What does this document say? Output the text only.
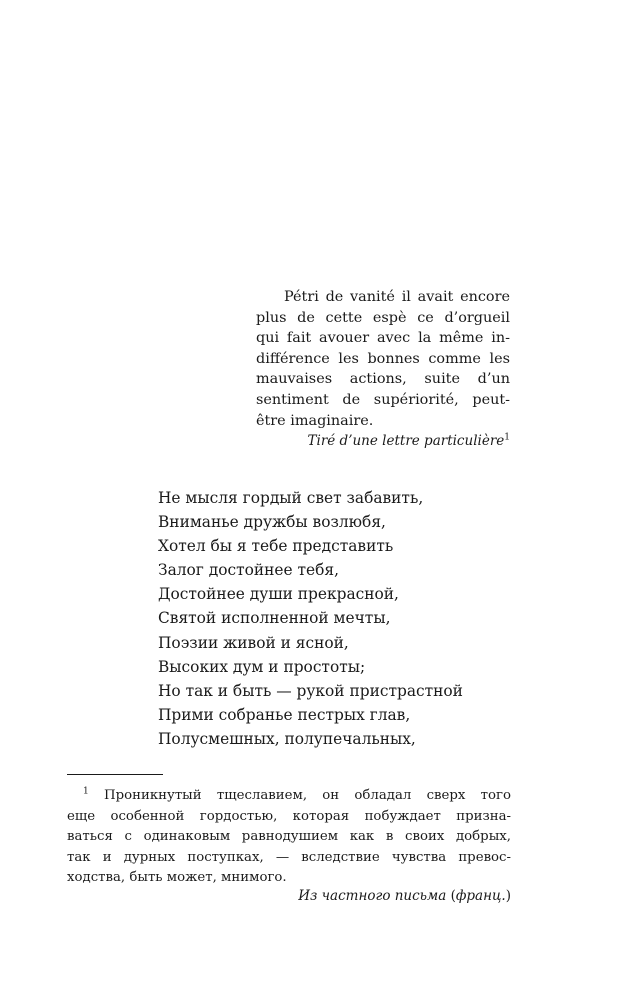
Pétri de vanité il avait encore
plus de cette espè ce d’orgueil
qui fait avouer avec la même in-
différence les bonnes comme les
mauvaises actions, suite d’un
sentiment de supériorité, peut-
être imaginaire.
Tiré d’une lettre particulière$^1$
Не мысля гордый свет забавить,
Вниманье дружбы возлюбя,
Хотел бы я тебе представить
Залог достойнее тебя,
Достойнее души прекрасной,
Святой исполненной мечты,
Поэзии живой и ясной,
Высоких дум и простоты;
Но так и быть — рукой пристрастной
Прими собранье пестрых глав,
Полусмешных, полупечальных,
$^1$ Проникнутый тщеславием, он обладал сверх того
еще особенной гордостью, которая побуждает призна-
ваться с одинаковым равнодушием как в своих добрых,
так и дурных поступках, — вследствие чувства превос-
ходства, быть может, мнимого.
Из частного письма (франц.)
